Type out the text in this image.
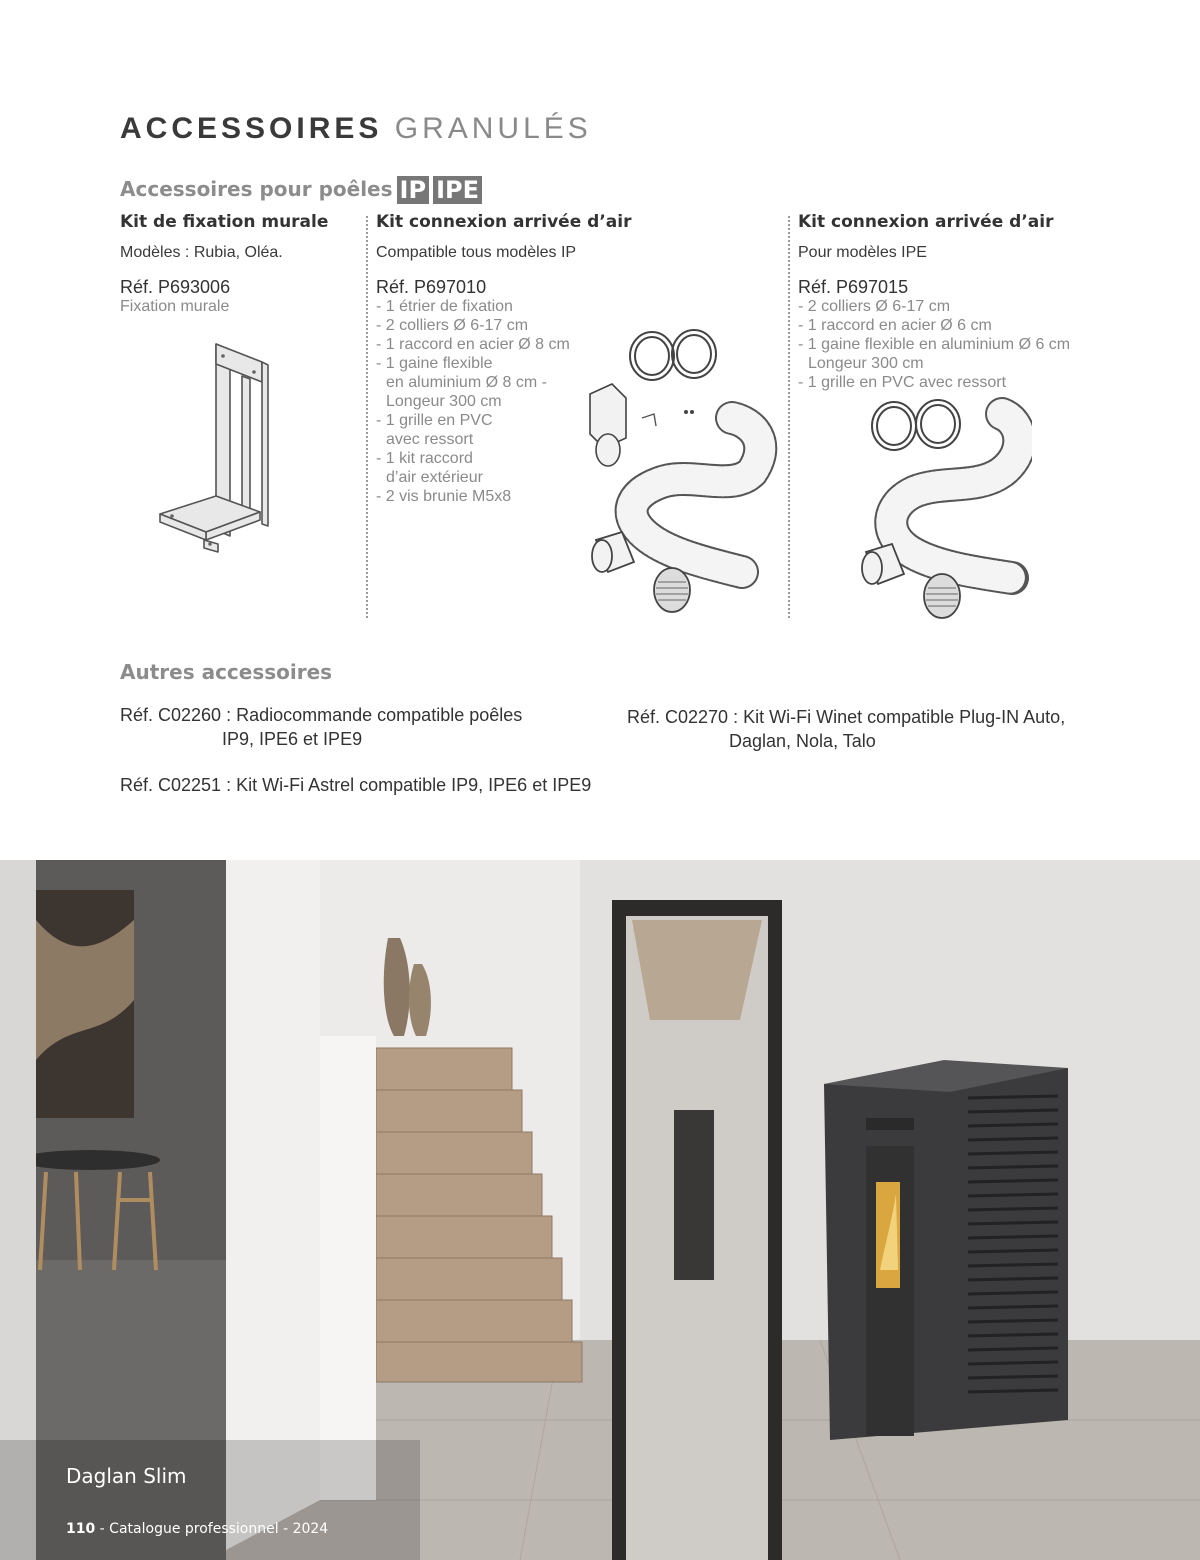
ACCESSOIRES GRANULÉS
Accessoires pour poêles IP IPE
Kit de fixation murale
Modèles : Rubia, Oléa.
Réf. P693006
Fixation murale
Kit connexion arrivée d’air
Compatible tous modèles IP
Réf. P697010
- 1 étrier de fixation
- 2 colliers Ø 6-17 cm
- 1 raccord en acier Ø 8 cm
- 1 gaine flexible
en aluminium Ø 8 cm -
Longeur 300 cm
- 1 grille en PVC
avec ressort
- 1 kit raccord
d’air extérieur
- 2 vis brunie M5x8
Kit connexion arrivée d’air
Pour modèles IPE
Réf. P697015
- 2 colliers Ø 6-17 cm
- 1 raccord en acier Ø 6 cm
- 1 gaine flexible en aluminium Ø 6 cm
Longeur 300 cm
- 1 grille en PVC avec ressort
Autres accessoires
Réf. C02260 : Radiocommande compatible poêles
IP9, IPE6 et IPE9
Réf. C02270 : Kit Wi-Fi Winet compatible Plug-IN Auto,
Daglan, Nola, Talo
Réf. C02251 : Kit Wi-Fi Astrel compatible IP9, IPE6 et IPE9
Daglan Slim
110 - Catalogue professionnel - 2024
